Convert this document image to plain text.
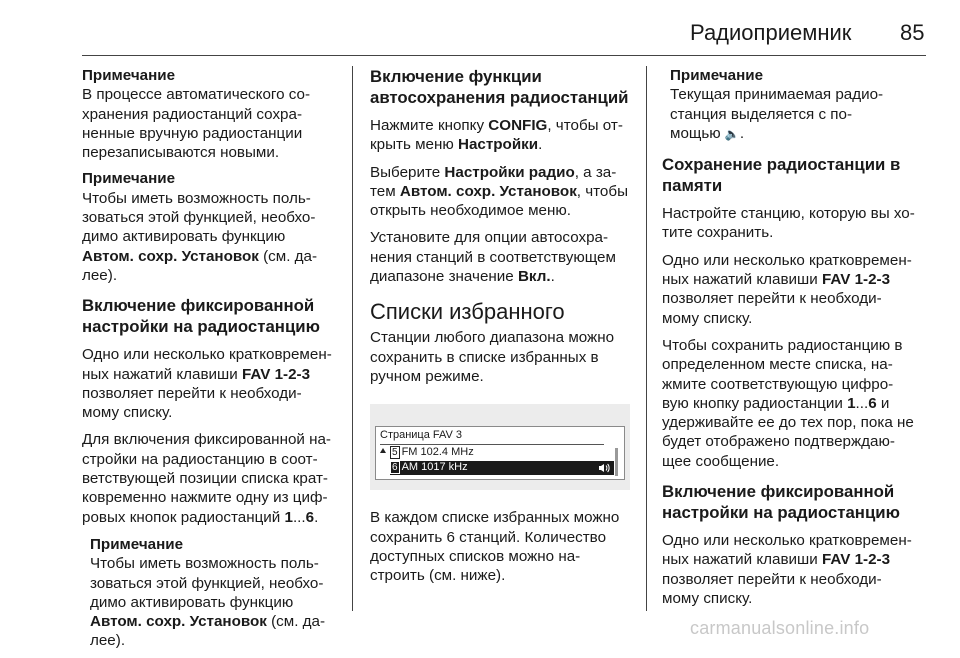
Радиоприемник 85
Примечание
В процессе автоматического со-
хранения радиостанций сохра-
ненные вручную радиостанции
перезаписываются новыми.
Примечание
Чтобы иметь возможность поль-
зоваться этой функцией, необхо-
димо активировать функцию
Автом. сохр. Установок (см. да-
лее).
Включение фиксированной
настройки на радиостанцию

Одно или несколько кратковремен-
ных нажатий клавиши FAV 1-2-3
позволяет перейти к необходи-
мому списку.

Для включения фиксированной на-
стройки на радиостанцию в соот-
ветствующей позиции списка крат-
ковременно нажмите одну из циф-
ровых кнопок радиостанций 1...6.

Примечание
Чтобы иметь возможность поль-
зоваться этой функцией, необхо-
димо активировать функцию
Автом. сохр. Установок (см. да-
лее).
Включение функции
автосохранения радиостанций

Нажмите кнопку CONFIG, чтобы от-
крыть меню Настройки.

Выберите Настройки радио, а за-
тем Автом. сохр. Установок, чтобы
открыть необходимое меню.

Установите для опции автосохра-
нения станций в соответствующем
диапазоне значение Вкл..

Списки избранного

Станции любого диапазона можно
сохранить в списке избранных в
ручном режиме.

Страница FAV 3
5 FM 102.4 MHz
6 AM 1017 kHz

В каждом списке избранных можно
сохранить 6 станций. Количество
доступных списков можно на-
строить (см. ниже).

Примечание
Текущая принимаемая радио-
станция выделяется с по-
мощью 🔈.
Сохранение радиостанции в
памяти

Настройте станцию, которую вы хо-
тите сохранить.

Одно или несколько кратковремен-
ных нажатий клавиши FAV 1-2-3
позволяет перейти к необходи-
мому списку.

Чтобы сохранить радиостанцию в
определенном месте списка, на-
жмите соответствующую цифро-
вую кнопку радиостанции 1...6 и
удерживайте ее до тех пор, пока не
будет отображено подтверждаю-
щее сообщение.

Включение фиксированной
настройки на радиостанцию

Одно или несколько кратковремен-
ных нажатий клавиши FAV 1-2-3
позволяет перейти к необходи-
мому списку.

carmanualsonline.info
